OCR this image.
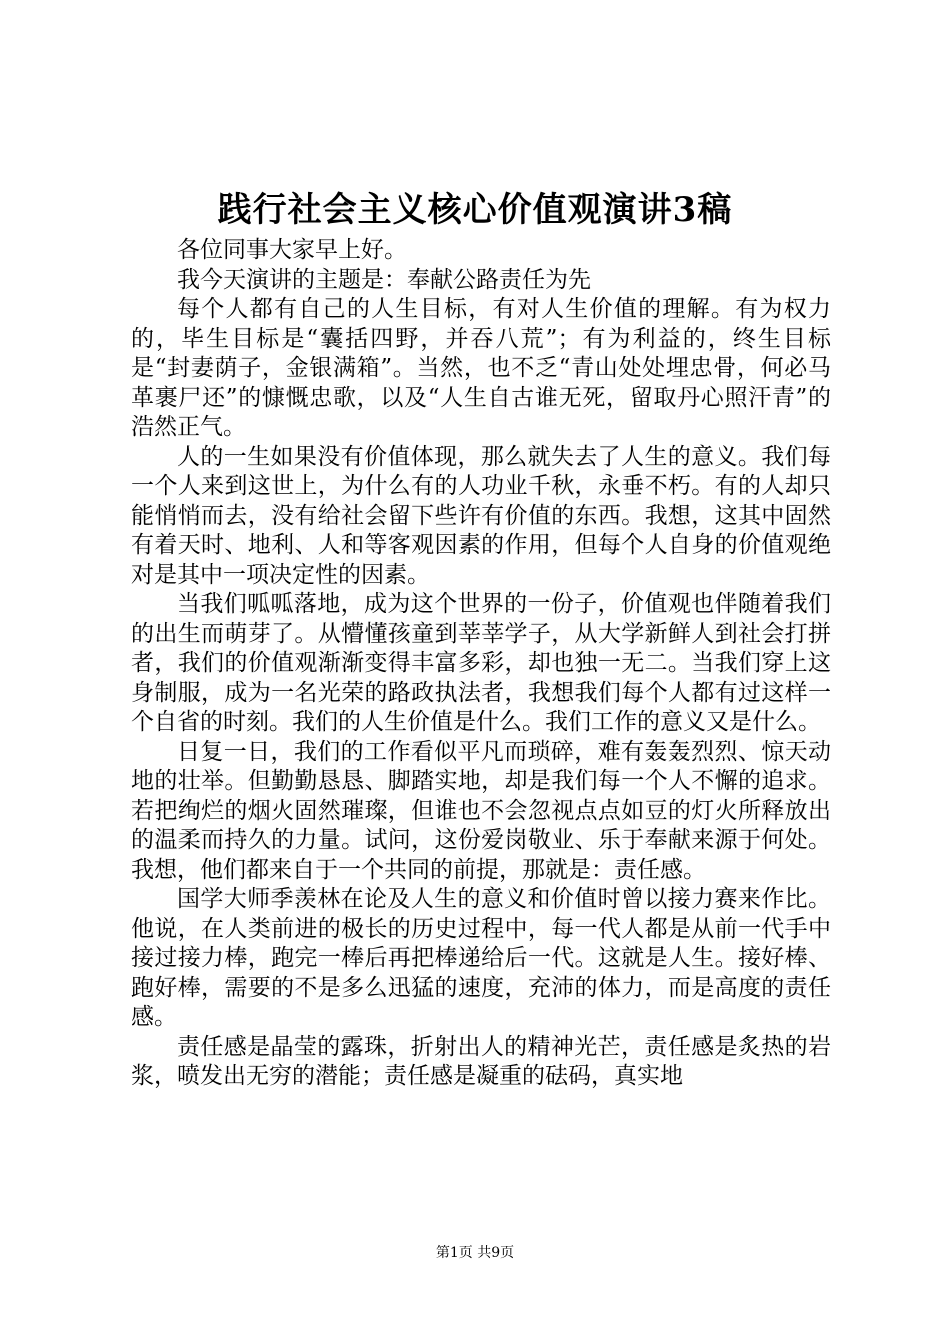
践行社会主义核心价值观演讲3稿

各位同事大家早上好。

我今天演讲的主题是：奉献公路责任为先

每个人都有自己的人生目标，有对人生价值的理解。有为权力的，毕生目标是“囊括四野，并吞八荒”；有为利益的，终生目标是“封妻荫子，金银满箱”。当然，也不乏“青山处处埋忠骨，何必马革裹尸还”的慷慨忠歌，以及“人生自古谁无死，留取丹心照汗青”的浩然正气。

人的一生如果没有价值体现，那么就失去了人生的意义。我们每一个人来到这世上，为什么有的人功业千秋，永垂不朽。有的人却只能悄悄而去，没有给社会留下些许有价值的东西。我想，这其中固然有着天时、地利、人和等客观因素的作用，但每个人自身的价值观绝对是其中一项决定性的因素。

当我们呱呱落地，成为这个世界的一份子，价值观也伴随着我们的出生而萌芽了。从懵懂孩童到莘莘学子，从大学新鲜人到社会打拼者，我们的价值观渐渐变得丰富多彩，却也独一无二。当我们穿上这身制服，成为一名光荣的路政执法者，我想我们每个人都有过这样一个自省的时刻。我们的人生价值是什么。我们工作的意义又是什么。

日复一日，我们的工作看似平凡而琐碎，难有轰轰烈烈、惊天动地的壮举。但勤勤恳恳、脚踏实地，却是我们每一个人不懈的追求。若把绚烂的烟火固然璀璨，但谁也不会忽视点点如豆的灯火所释放出的温柔而持久的力量。试问，这份爱岗敬业、乐于奉献来源于何处。我想，他们都来自于一个共同的前提，那就是：责任感。

国学大师季羡林在论及人生的意义和价值时曾以接力赛来作比。他说，在人类前进的极长的历史过程中，每一代人都是从前一代手中接过接力棒，跑完一棒后再把棒递给后一代。这就是人生。接好棒、跑好棒，需要的不是多么迅猛的速度，充沛的体力，而是高度的责任感。

责任感是晶莹的露珠，折射出人的精神光芒，责任感是炙热的岩浆，喷发出无穷的潜能；责任感是凝重的砝码，真实地

第1页 共9页
